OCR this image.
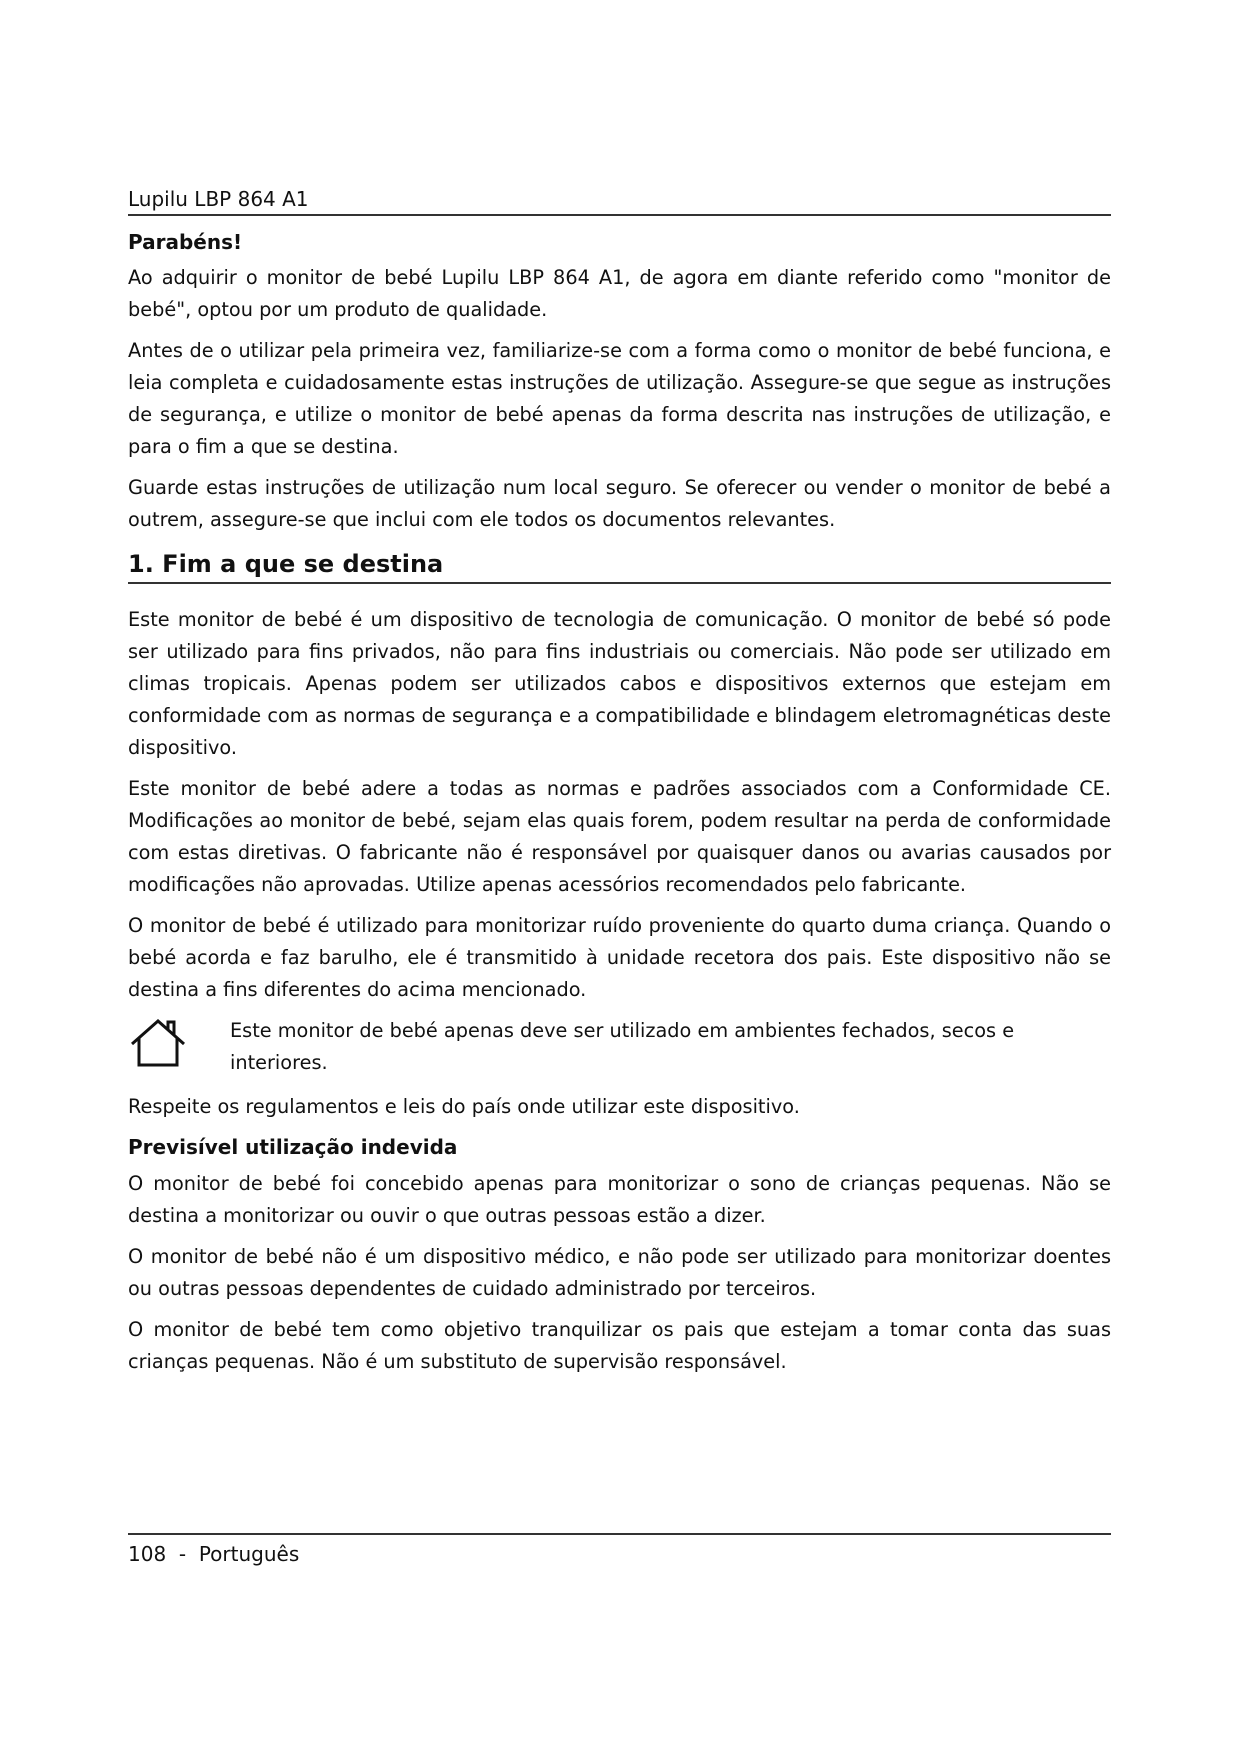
Lupilu LBP 864 A1
Parabéns!

Ao adquirir o monitor de bebé Lupilu LBP 864 A1, de agora em diante referido como "monitor de bebé", optou por um produto de qualidade.

Antes de o utilizar pela primeira vez, familiarize-se com a forma como o monitor de bebé funciona, e leia completa e cuidadosamente estas instruções de utilização. Assegure-se que segue as instruções de segurança, e utilize o monitor de bebé apenas da forma descrita nas instruções de utilização, e para o fim a que se destina.

Guarde estas instruções de utilização num local seguro. Se oferecer ou vender o monitor de bebé a outrem, assegure-se que inclui com ele todos os documentos relevantes.

1. Fim a que se destina

Este monitor de bebé é um dispositivo de tecnologia de comunicação. O monitor de bebé só pode ser utilizado para fins privados, não para fins industriais ou comerciais. Não pode ser utilizado em climas tropicais. Apenas podem ser utilizados cabos e dispositivos externos que estejam em conformidade com as normas de segurança e a compatibilidade e blindagem eletromagnéticas deste dispositivo.

Este monitor de bebé adere a todas as normas e padrões associados com a Conformidade CE. Modificações ao monitor de bebé, sejam elas quais forem, podem resultar na perda de conformidade com estas diretivas. O fabricante não é responsável por quaisquer danos ou avarias causados por modificações não aprovadas. Utilize apenas acessórios recomendados pelo fabricante.

O monitor de bebé é utilizado para monitorizar ruído proveniente do quarto duma criança. Quando o bebé acorda e faz barulho, ele é transmitido à unidade recetora dos pais. Este dispositivo não se destina a fins diferentes do acima mencionado.

Este monitor de bebé apenas deve ser utilizado em ambientes fechados, secos e interiores.

Respeite os regulamentos e leis do país onde utilizar este dispositivo.

Previsível utilização indevida

O monitor de bebé foi concebido apenas para monitorizar o sono de crianças pequenas. Não se destina a monitorizar ou ouvir o que outras pessoas estão a dizer.

O monitor de bebé não é um dispositivo médico, e não pode ser utilizado para monitorizar doentes ou outras pessoas dependentes de cuidado administrado por terceiros.

O monitor de bebé tem como objetivo tranquilizar os pais que estejam a tomar conta das suas crianças pequenas. Não é um substituto de supervisão responsável.

108  -  Português
